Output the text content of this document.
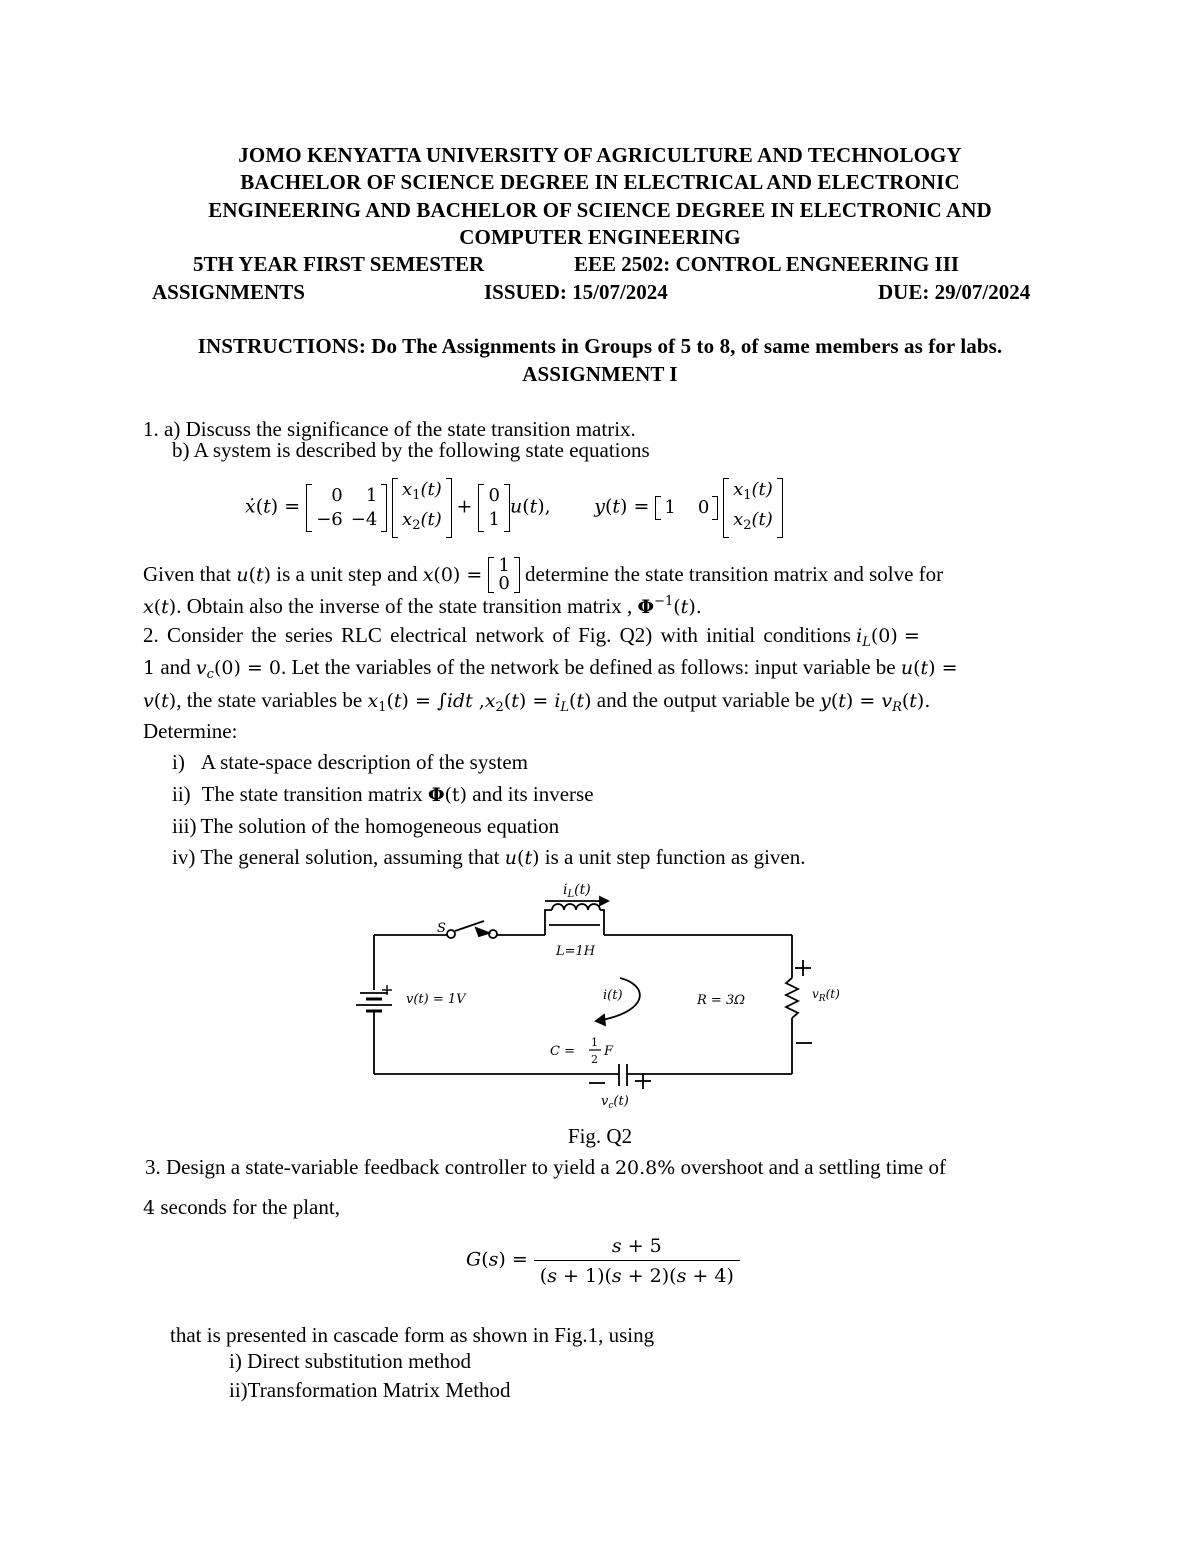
JOMO KENYATTA UNIVERSITY OF AGRICULTURE AND TECHNOLOGY
BACHELOR OF SCIENCE DEGREE IN ELECTRICAL AND ELECTRONIC
ENGINEERING AND BACHELOR OF SCIENCE DEGREE IN ELECTRONIC AND
COMPUTER ENGINEERING
5TH YEAR FIRST SEMESTER	EEE 2502: CONTROL ENGNEERING III
ASSIGNMENTS	ISSUED: 15/07/2024	DUE: 29/07/2024
INSTRUCTIONS: Do The Assignments in Groups of 5 to 8, of same members as for labs.
ASSIGNMENT I
1. a) Discuss the significance of the state transition matrix.
b) A system is described by the following state equations
ẋ(t) = 0	1
−6	−4

$x_1(t)$
$x_2(t)$
+ 0
1
u(t), y(t) = 1	0

$x_1(t)$
$x_2(t)$
Given that u(t) is a unit step and x(0) = 1
0 determine the state transition matrix and solve for
x(t). Obtain also the inverse of the state transition matrix , $\Phi^{-1}(t)$.
2. Consider the series RLC electrical network of Fig. Q2) with initial conditions $i_L(0)$ =
1 and $v_c(0) = 0$. Let the variables of the network be defined as follows: input variable be u(t) =
v(t), the state variables be $x_1(t) = \int idt$ $,x_2(t) = i_L(t)$ and the output variable be $y(t) = v_R(t)$.
Determine:
i) A state-space description of the system
ii) The state transition matrix Φ(t) and its inverse
iii) The solution of the homogeneous equation
iv) The general solution, assuming that u(t) is a unit step function as given.
S
$i_L(t)$
L=1H
v(t) = 1V	i(t)	R = 3Ω	$v_R(t)$
C =
1
2
F
$v_c(t)$
Fig. Q2
3. Design a state-variable feedback controller to yield a 20.8% overshoot and a settling time of
4 seconds for the plant,
$G(s) = \frac{s + 5}{(s + 1)(s + 2)(s + 4)}$
that is presented in cascade form as shown in Fig.1, using
i) Direct substitution method
ii)Transformation Matrix Method
